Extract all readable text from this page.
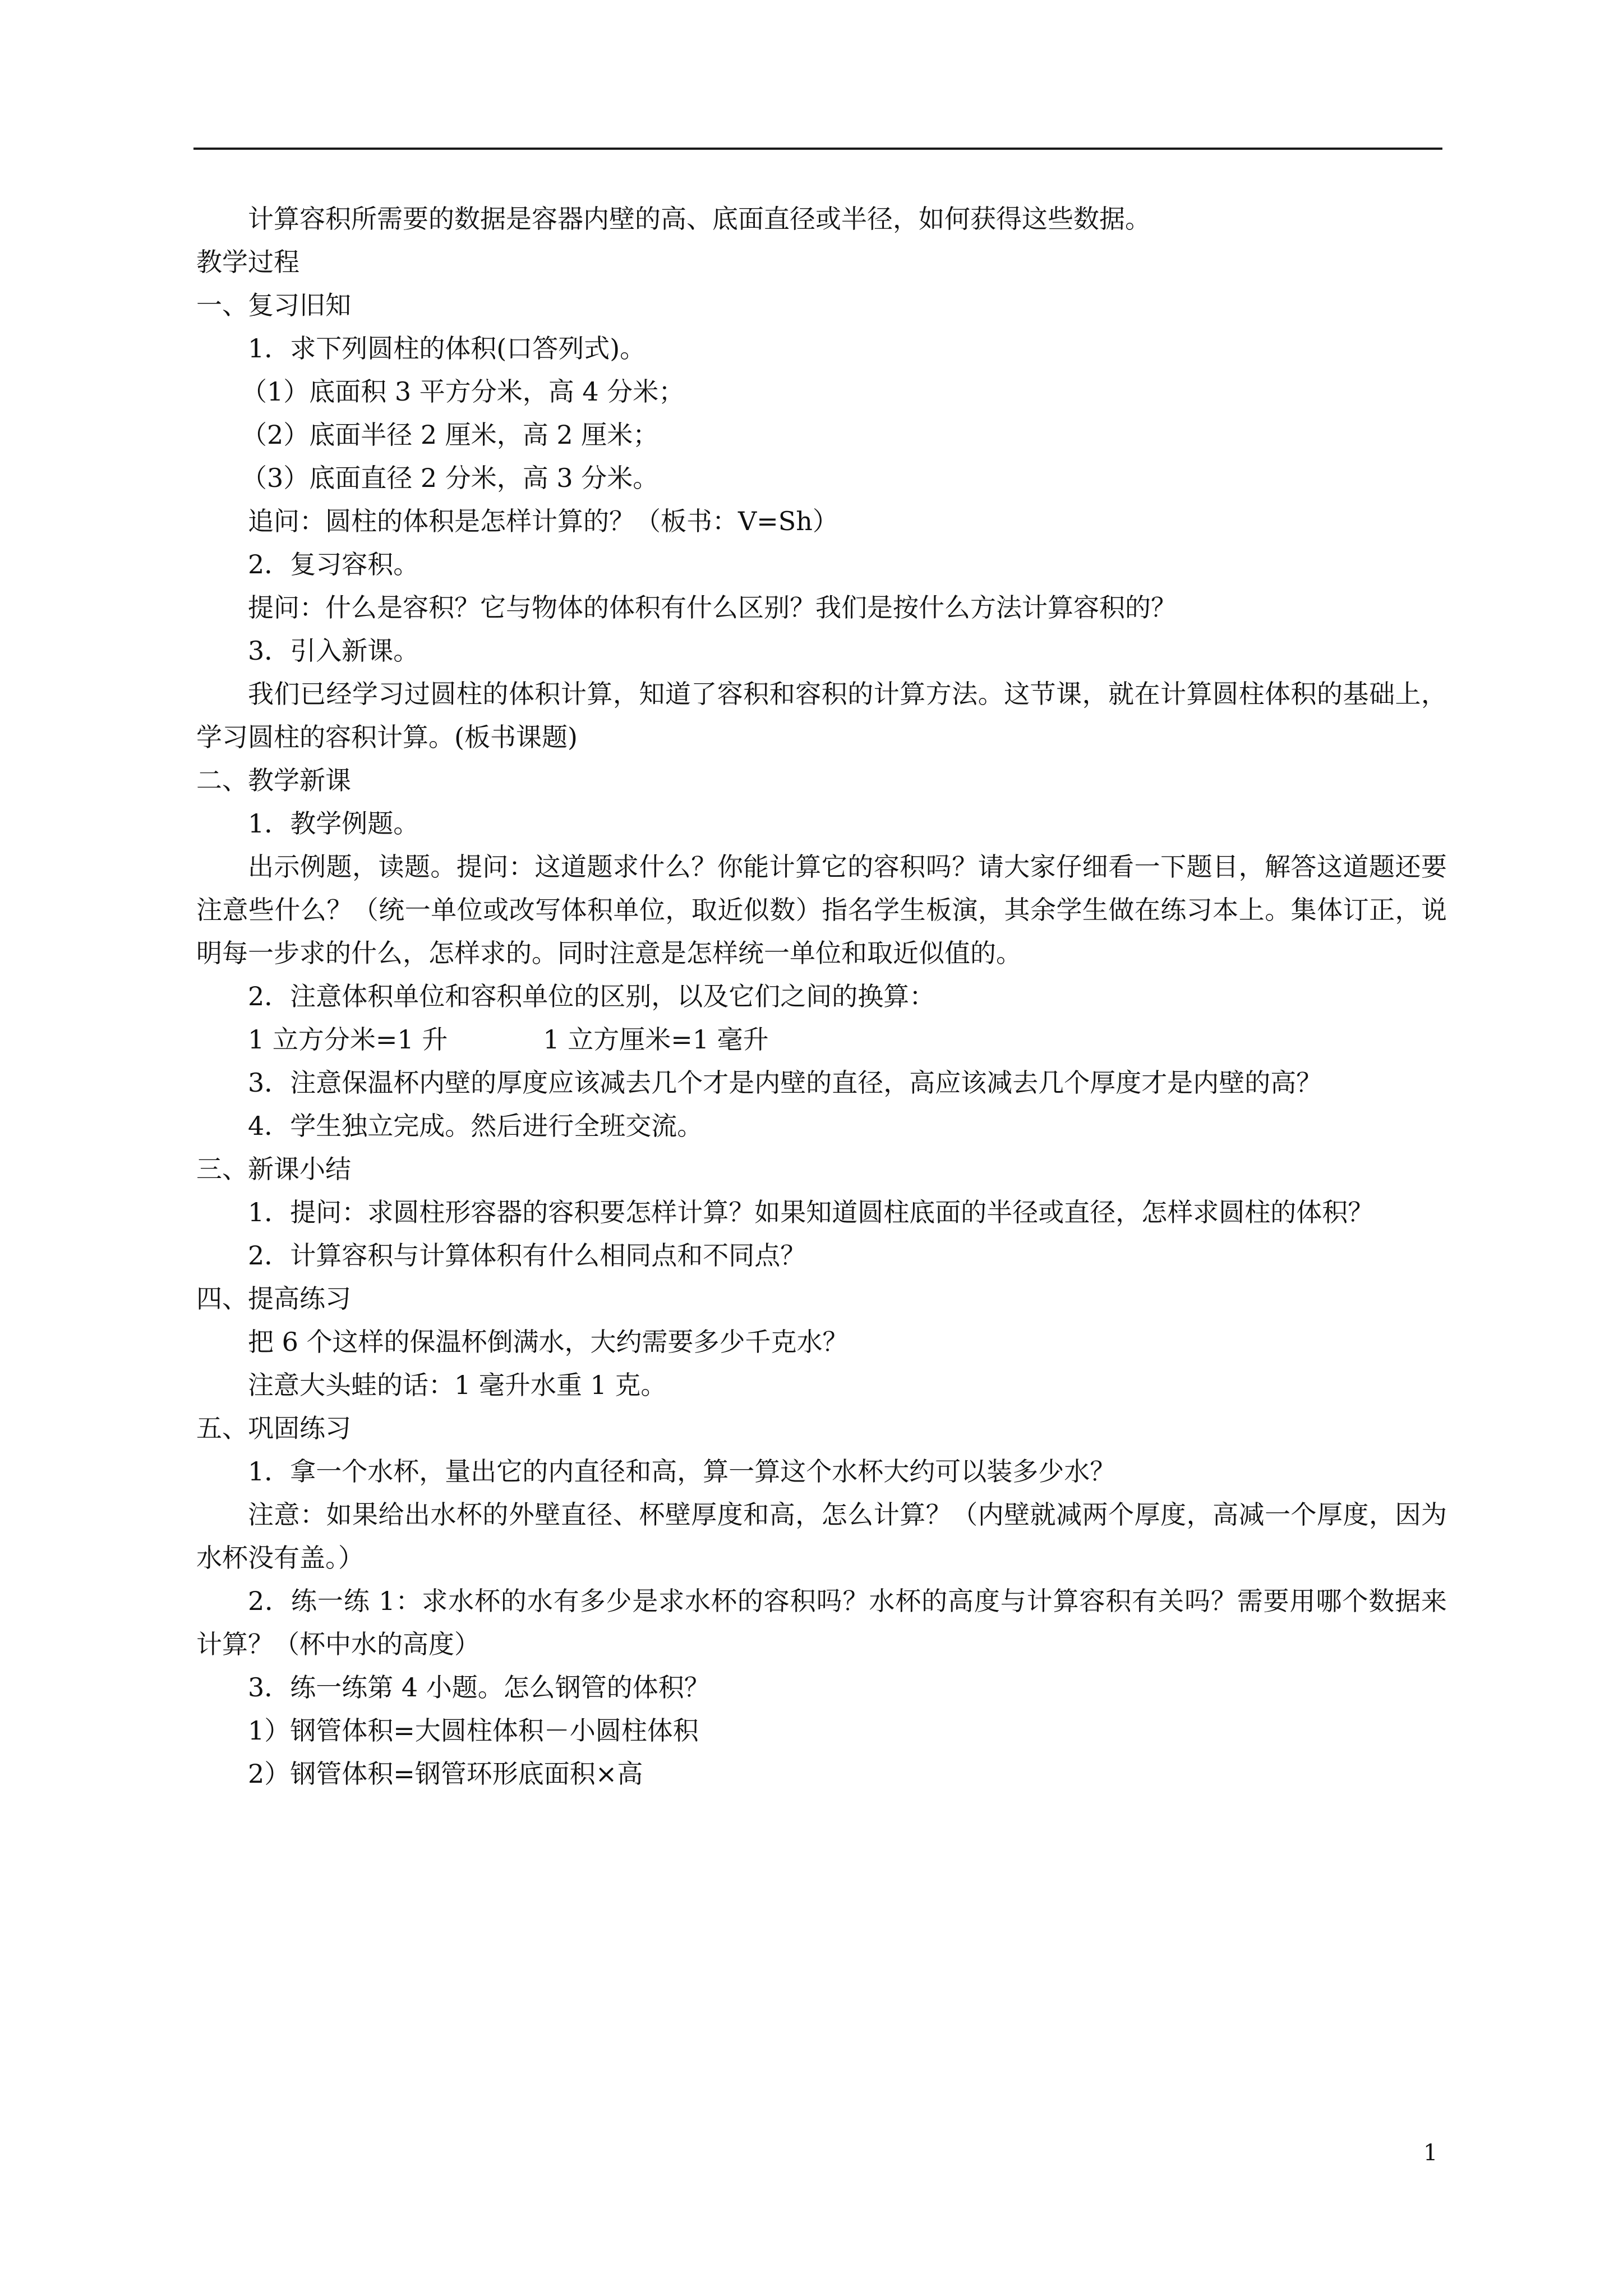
计算容积所需要的数据是容器内壁的高、底面直径或半径，如何获得这些数据。
教学过程
一、复习旧知
1．求下列圆柱的体积(口答列式)。
（1）底面积 3 平方分米，高 4 分米；
（2）底面半径 2 厘米，高 2 厘米；
（3）底面直径 2 分米，高 3 分米。
追问：圆柱的体积是怎样计算的？（板书：V=Sh）
2．复习容积。
提问：什么是容积？它与物体的体积有什么区别？我们是按什么方法计算容积的？
3．引入新课。
我们已经学习过圆柱的体积计算，知道了容积和容积的计算方法。这节课，就在计算圆柱体积的基础上，学习圆柱的容积计算。(板书课题)
二、教学新课
1．教学例题。
出示例题，读题。提问：这道题求什么？你能计算它的容积吗？请大家仔细看一下题目，解答这道题还要注意些什么？（统一单位或改写体积单位，取近似数）指名学生板演，其余学生做在练习本上。集体订正，说明每一步求的什么，怎样求的。同时注意是怎样统一单位和取近似值的。
2．注意体积单位和容积单位的区别，以及它们之间的换算：
1 立方分米=1 升	1 立方厘米=1 毫升
3．注意保温杯内壁的厚度应该减去几个才是内壁的直径，高应该减去几个厚度才是内壁的高？
4．学生独立完成。然后进行全班交流。
三、新课小结
1．提问：求圆柱形容器的容积要怎样计算？如果知道圆柱底面的半径或直径，怎样求圆柱的体积？
2．计算容积与计算体积有什么相同点和不同点？
四、提高练习
把 6 个这样的保温杯倒满水，大约需要多少千克水？
注意大头蛙的话：1 毫升水重 1 克。
五、巩固练习
1．拿一个水杯，量出它的内直径和高，算一算这个水杯大约可以装多少水？
注意：如果给出水杯的外壁直径、杯壁厚度和高，怎么计算？（内壁就减两个厚度，高减一个厚度，因为水杯没有盖。）
2．练一练 1：求水杯的水有多少是求水杯的容积吗？水杯的高度与计算容积有关吗？需要用哪个数据来计算？（杯中水的高度）
3．练一练第 4 小题。怎么钢管的体积？
1）钢管体积=大圆柱体积－小圆柱体积
2）钢管体积=钢管环形底面积×高
1
